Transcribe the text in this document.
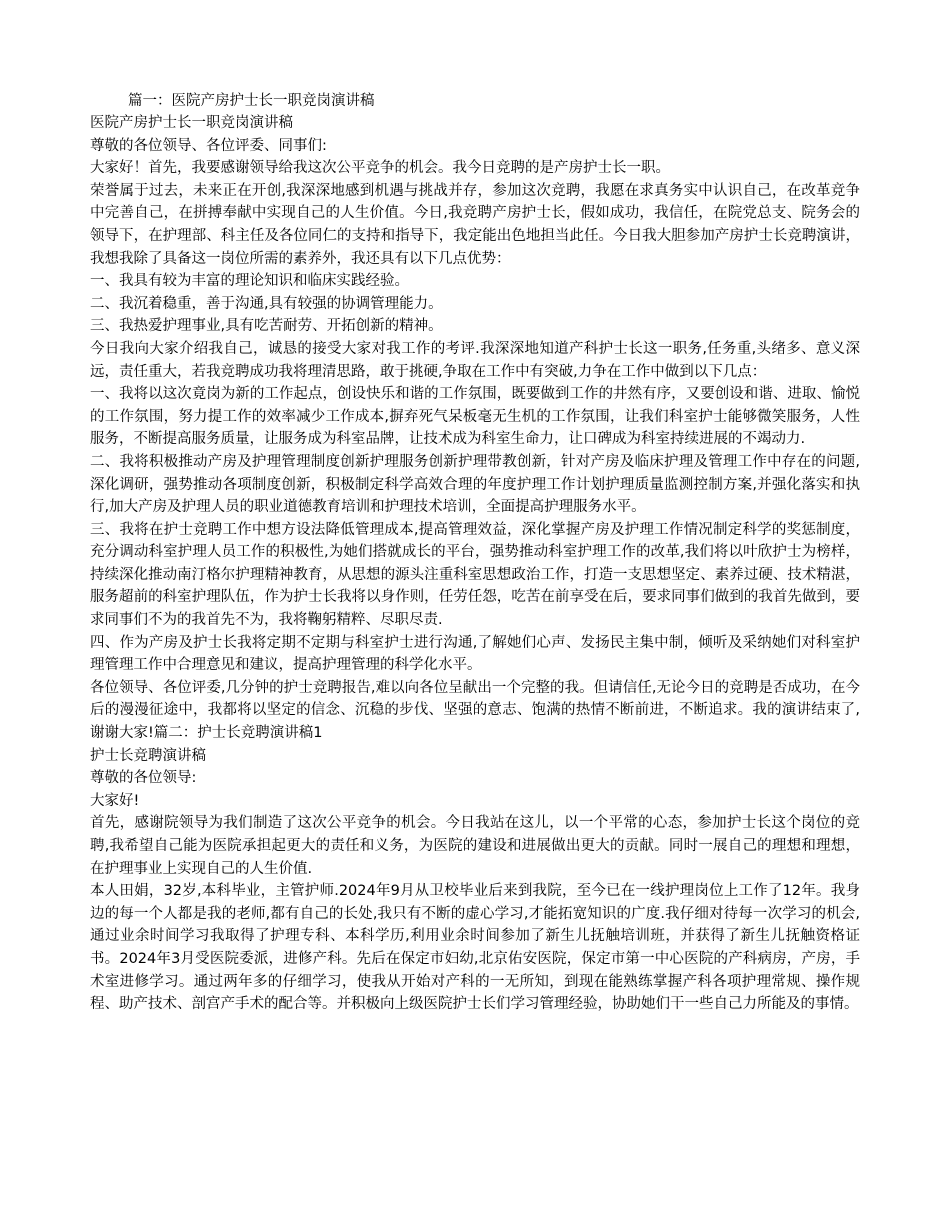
篇一：医院产房护士长一职竞岗演讲稿

医院产房护士长一职竞岗演讲稿

尊敬的各位领导、各位评委、同事们:

大家好！首先，我要感谢领导给我这次公平竞争的机会。我今日竞聘的是产房护士长一职。

荣誉属于过去，未来正在开创,我深深地感到机遇与挑战并存，参加这次竞聘，我愿在求真务实中认识自己，在改革竞争中完善自己，在拼搏奉献中实现自己的人生价值。今日,我竞聘产房护士长，假如成功，我信任，在院党总支、院务会的领导下，在护理部、科主任及各位同仁的支持和指导下，我定能出色地担当此任。今日我大胆参加产房护士长竞聘演讲，我想我除了具备这一岗位所需的素养外，我还具有以下几点优势：

一、我具有较为丰富的理论知识和临床实践经验。

二、我沉着稳重，善于沟通,具有较强的协调管理能力。

三、我热爱护理事业,具有吃苦耐劳、开拓创新的精神。

今日我向大家介绍我自己，诚恳的接受大家对我工作的考评.我深深地知道产科护士长这一职务,任务重,头绪多、意义深远，责任重大，若我竞聘成功我将理清思路，敢于挑硬,争取在工作中有突破,力争在工作中做到以下几点：

一、我将以这次竟岗为新的工作起点，创设快乐和谐的工作氛围，既要做到工作的井然有序，又要创设和谐、进取、愉悦的工作氛围，努力提工作的效率减少工作成本,摒弃死气呆板毫无生机的工作氛围，让我们科室护士能够微笑服务，人性服务，不断提高服务质量，让服务成为科室品牌，让技术成为科室生命力，让口碑成为科室持续进展的不竭动力.

二、我将积极推动产房及护理管理制度创新护理服务创新护理带教创新，针对产房及临床护理及管理工作中存在的问题,深化调研，强势推动各项制度创新，积极制定科学高效合理的年度护理工作计划护理质量监测控制方案,并强化落实和执行,加大产房及护理人员的职业道德教育培训和护理技术培训，全面提高护理服务水平。

三、我将在护士竞聘工作中想方设法降低管理成本,提高管理效益，深化掌握产房及护理工作情况制定科学的奖惩制度，充分调动科室护理人员工作的积极性,为她们搭就成长的平台，强势推动科室护理工作的改革,我们将以叶欣护士为榜样，持续深化推动南汀格尔护理精神教育，从思想的源头注重科室思想政治工作，打造一支思想坚定、素养过硬、技术精湛，服务超前的科室护理队伍，作为护士长我将以身作则，任劳任怨，吃苦在前享受在后，要求同事们做到的我首先做到，要求同事们不为的我首先不为，我将鞠躬精粹、尽职尽责.

四、作为产房及护士长我将定期不定期与科室护士进行沟通,了解她们心声、发扬民主集中制，倾听及采纳她们对科室护理管理工作中合理意见和建议，提高护理管理的科学化水平。

各位领导、各位评委,几分钟的护士竞聘报告,难以向各位呈献出一个完整的我。但请信任,无论今日的竞聘是否成功，在今后的漫漫征途中，我都将以坚定的信念、沉稳的步伐、坚强的意志、饱满的热情不断前进，不断追求。我的演讲结束了,谢谢大家!篇二：护士长竞聘演讲稿1

护士长竞聘演讲稿

尊敬的各位领导:

大家好!

首先，感谢院领导为我们制造了这次公平竞争的机会。今日我站在这儿，以一个平常的心态，参加护士长这个岗位的竞聘,我希望自己能为医院承担起更大的责任和义务，为医院的建设和进展做出更大的贡献。同时一展自己的理想和理想，在护理事业上实现自己的人生价值.

本人田娟，32岁,本科毕业，主管护师.2024年9月从卫校毕业后来到我院，至今已在一线护理岗位上工作了12年。我身边的每一个人都是我的老师,都有自己的长处,我只有不断的虚心学习,才能拓宽知识的广度.我仔细对待每一次学习的机会,通过业余时间学习我取得了护理专科、本科学历,利用业余时间参加了新生儿抚触培训班，并获得了新生儿抚触资格证书。2024年3月受医院委派，进修产科。先后在保定市妇幼,北京佑安医院，保定市第一中心医院的产科病房，产房，手术室进修学习。通过两年多的仔细学习，使我从开始对产科的一无所知，到现在能熟练掌握产科各项护理常规、操作规程、助产技术、剖宫产手术的配合等。并积极向上级医院护士长们学习管理经验，协助她们干一些自己力所能及的事情。
